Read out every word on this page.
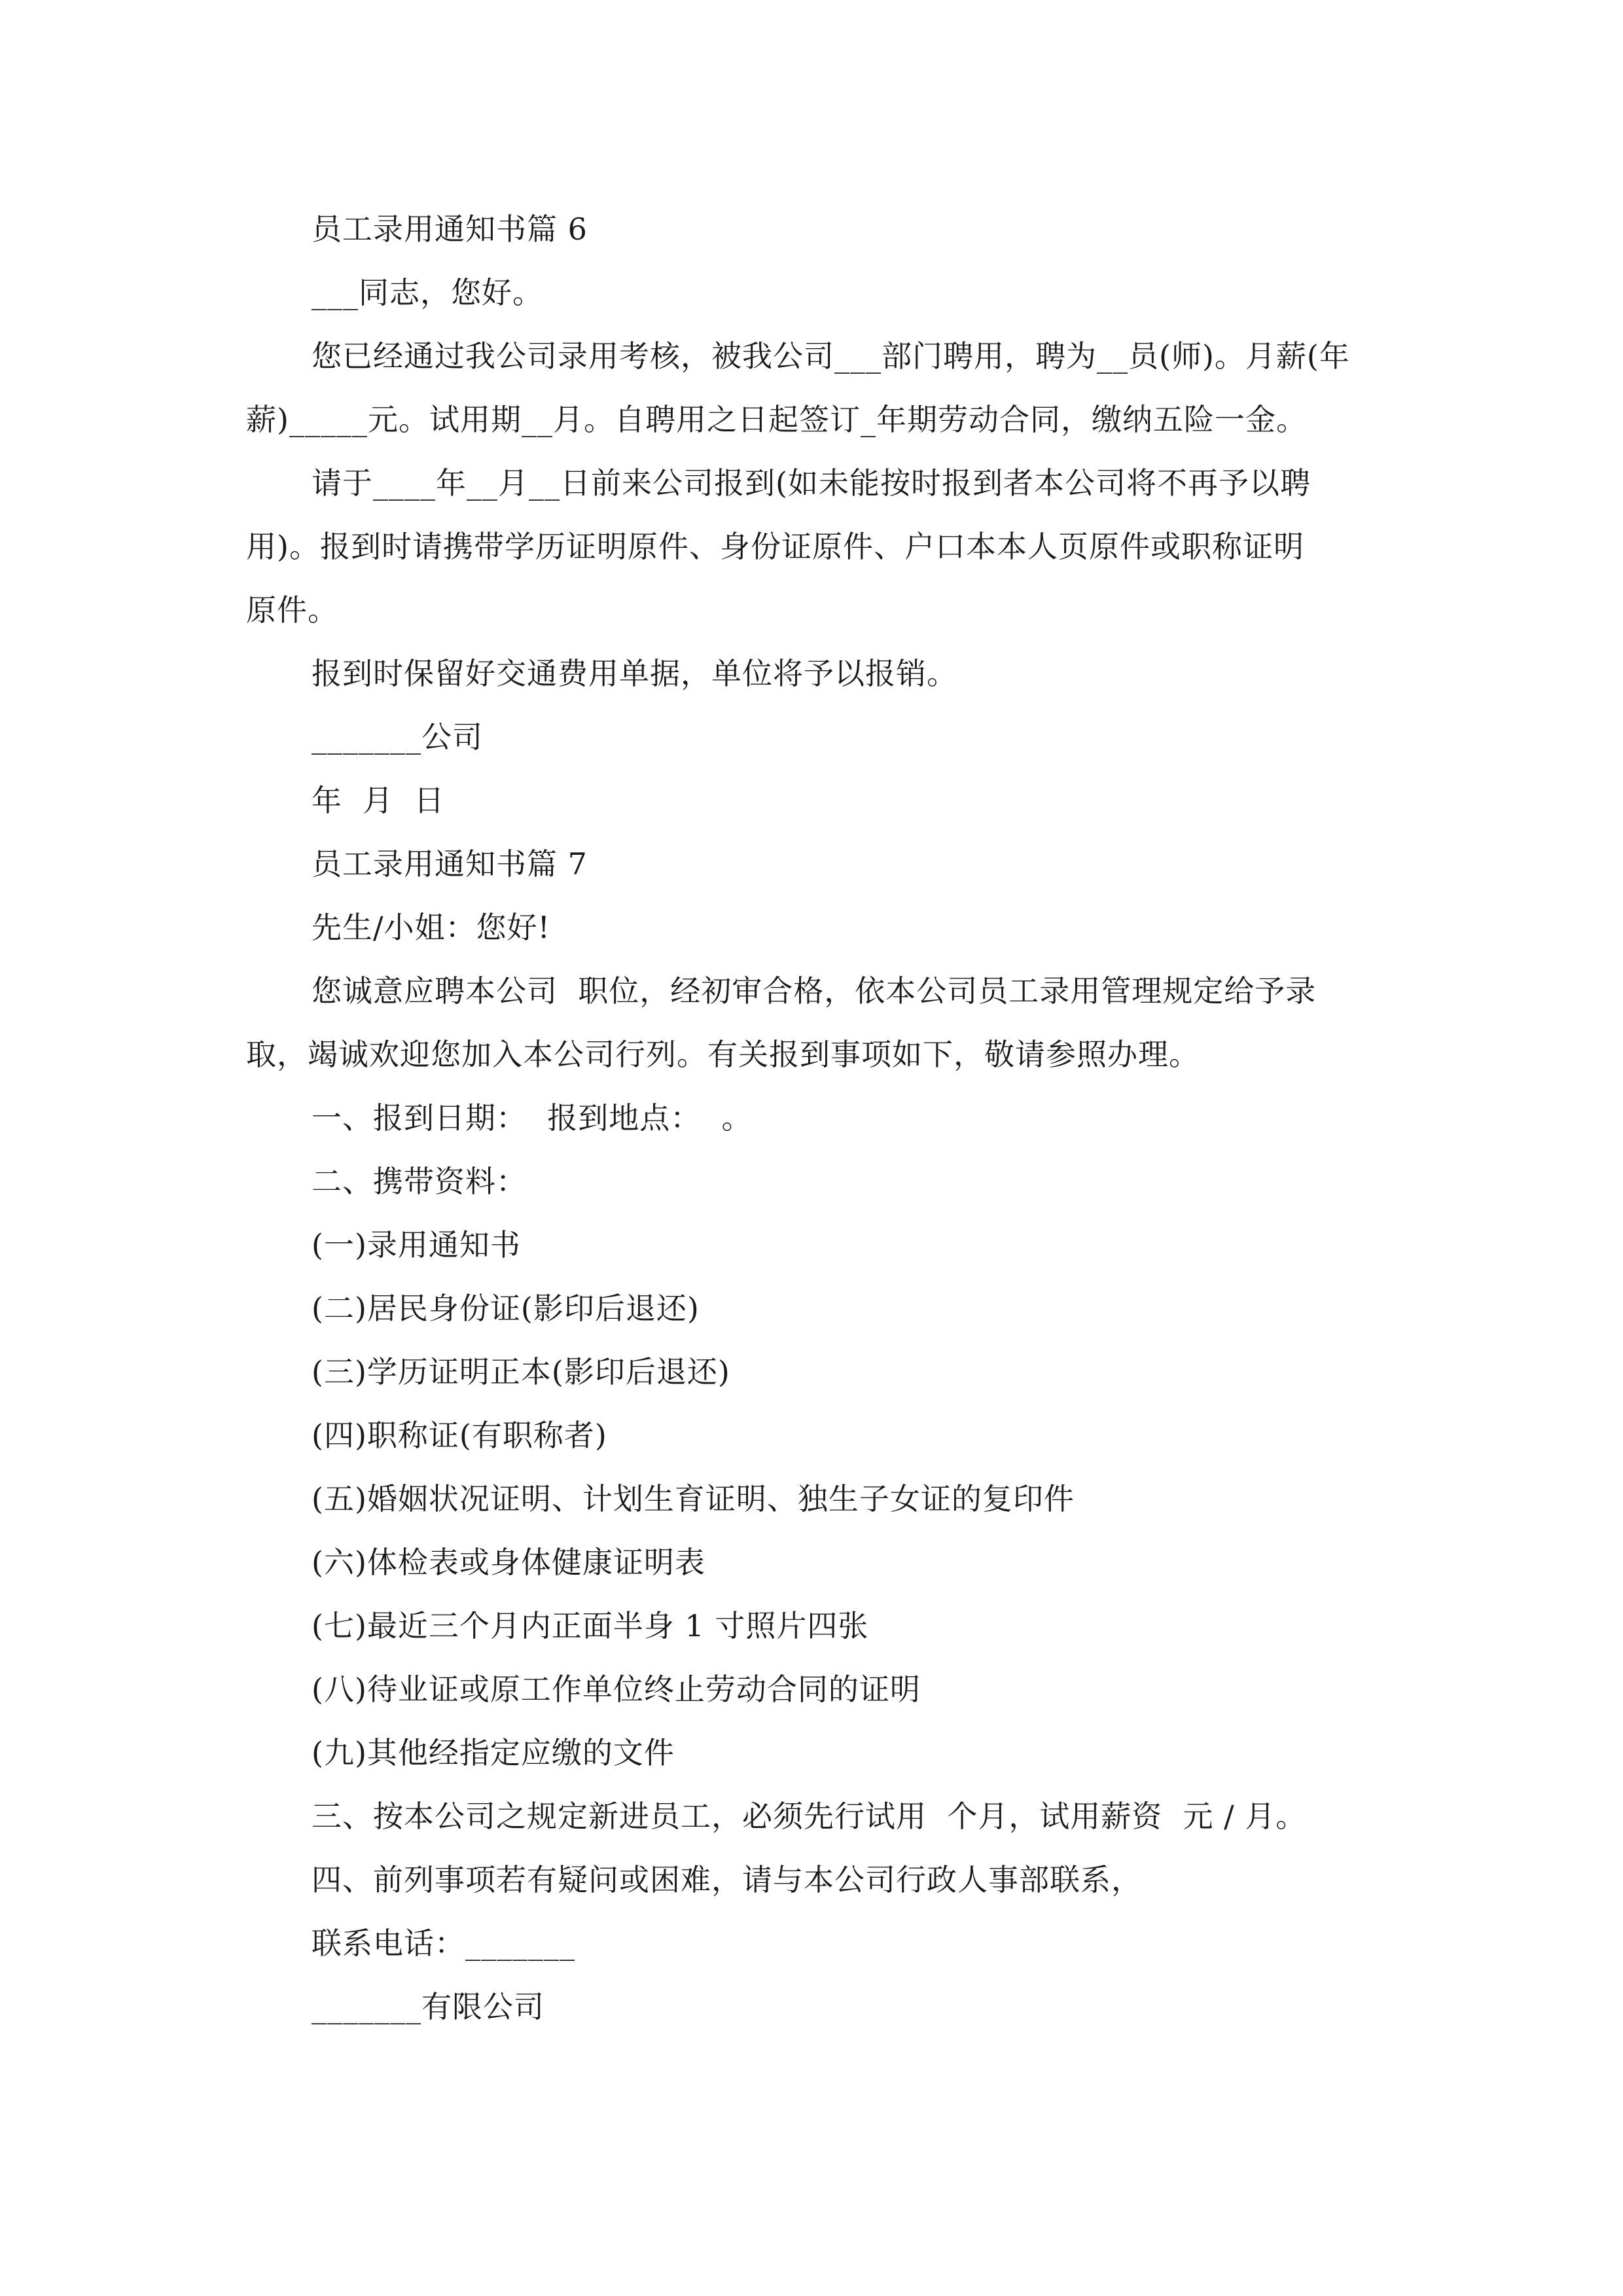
员工录用通知书篇 6
___同志，您好。
您已经通过我公司录用考核，被我公司___部门聘用，聘为__员(师)。月薪(年
薪)_____元。试用期__月。自聘用之日起签订_年期劳动合同，缴纳五险一金。
请于____年__月__日前来公司报到(如未能按时报到者本公司将不再予以聘
用)。报到时请携带学历证明原件、身份证原件、户口本本人页原件或职称证明
原件。
报到时保留好交通费用单据，单位将予以报销。
_______公司
年  月  日
员工录用通知书篇 7
先生/小姐：您好!
您诚意应聘本公司  职位，经初审合格，依本公司员工录用管理规定给予录
取，竭诚欢迎您加入本公司行列。有关报到事项如下，敬请参照办理。
一、报到日期：  报到地点：  。
二、携带资料：
(一)录用通知书
(二)居民身份证(影印后退还)
(三)学历证明正本(影印后退还)
(四)职称证(有职称者)
(五)婚姻状况证明、计划生育证明、独生子女证的复印件
(六)体检表或身体健康证明表
(七)最近三个月内正面半身 1 寸照片四张
(八)待业证或原工作单位终止劳动合同的证明
(九)其他经指定应缴的文件
三、按本公司之规定新进员工，必须先行试用  个月，试用薪资  元 / 月。
四、前列事项若有疑问或困难，请与本公司行政人事部联系，
联系电话：_______
_______有限公司
